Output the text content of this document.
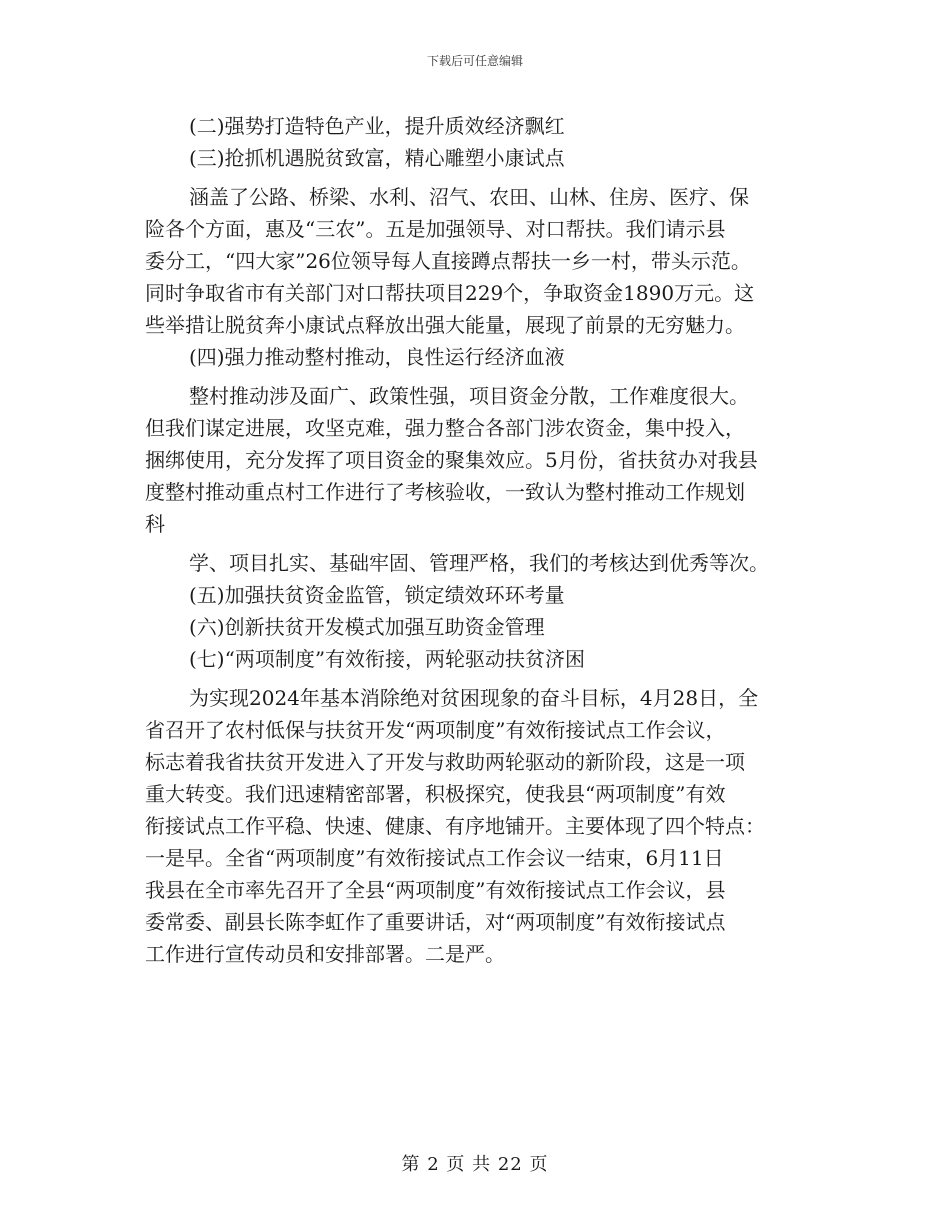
下载后可任意编辑
(二)强势打造特色产业，提升质效经济飘红
(三)抢抓机遇脱贫致富，精心雕塑小康试点
涵盖了公路、桥梁、水利、沼气、农田、山林、住房、医疗、保
险各个方面，惠及“三农”。五是加强领导、对口帮扶。我们请示县
委分工，“四大家”26位领导每人直接蹲点帮扶一乡一村，带头示范。
同时争取省市有关部门对口帮扶项目229个，争取资金1890万元。这
些举措让脱贫奔小康试点释放出强大能量，展现了前景的无穷魅力。
(四)强力推动整村推动，良性运行经济血液
整村推动涉及面广、政策性强，项目资金分散，工作难度很大。
但我们谋定进展，攻坚克难，强力整合各部门涉农资金，集中投入，
捆绑使用，充分发挥了项目资金的聚集效应。5月份，省扶贫办对我县
度整村推动重点村工作进行了考核验收，一致认为整村推动工作规划
科
学、项目扎实、基础牢固、管理严格，我们的考核达到优秀等次。
(五)加强扶贫资金监管，锁定绩效环环考量
(六)创新扶贫开发模式加强互助资金管理
(七)“两项制度”有效衔接，两轮驱动扶贫济困
为实现2024年基本消除绝对贫困现象的奋斗目标，4月28日，全
省召开了农村低保与扶贫开发“两项制度”有效衔接试点工作会议，
标志着我省扶贫开发进入了开发与救助两轮驱动的新阶段，这是一项
重大转变。我们迅速精密部署，积极探究，使我县“两项制度”有效
衔接试点工作平稳、快速、健康、有序地铺开。主要体现了四个特点：
一是早。全省“两项制度”有效衔接试点工作会议一结束，6月11日
我县在全市率先召开了全县“两项制度”有效衔接试点工作会议，县
委常委、副县长陈李虹作了重要讲话，对“两项制度”有效衔接试点
工作进行宣传动员和安排部署。二是严。
第 2 页 共 22 页
